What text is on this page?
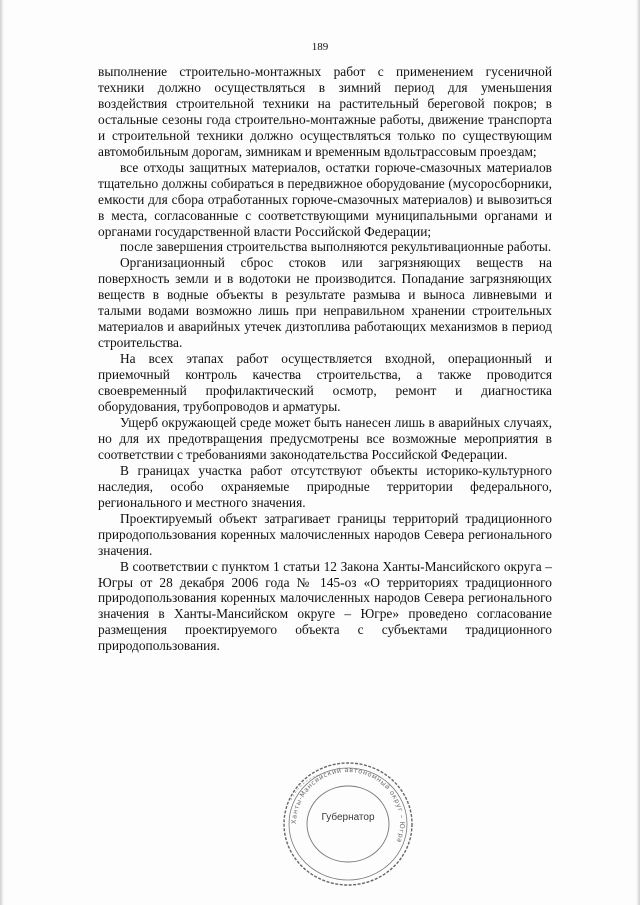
189

выполнение строительно-монтажных работ с применением гусеничной техники должно осуществляться в зимний период для уменьшения воздействия строительной техники на растительный береговой покров; в остальные сезоны года строительно-монтажные работы, движение транспорта и строительной техники должно осуществляться только по существующим автомобильным дорогам, зимникам и временным вдольтрассовым проездам;

все отходы защитных материалов, остатки горюче-смазочных материалов тщательно должны собираться в передвижное оборудование (мусоросборники, емкости для сбора отработанных горюче-смазочных материалов) и вывозиться в места, согласованные с соответствующими муниципальными органами и органами государственной власти Российской Федерации;

после завершения строительства выполняются рекультивационные работы.

Организационный сброс стоков или загрязняющих веществ на поверхность земли и в водотоки не производится. Попадание загрязняющих веществ в водные объекты в результате размыва и выноса ливневыми и талыми водами возможно лишь при неправильном хранении строительных материалов и аварийных утечек дизтоплива работающих механизмов в период строительства.

На всех этапах работ осуществляется входной, операционный и приемочный контроль качества строительства, а также проводится своевременный профилактический осмотр, ремонт и диагностика оборудования, трубопроводов и арматуры.

Ущерб окружающей среде может быть нанесен лишь в аварийных случаях, но для их предотвращения предусмотрены все возможные мероприятия в соответствии с требованиями законодательства Российской Федерации.

В границах участка работ отсутствуют объекты историко-культурного наследия, особо охраняемые природные территории федерального, регионального и местного значения.

Проектируемый объект затрагивает границы территорий традиционного природопользования коренных малочисленных народов Севера регионального значения.

В соответствии с пунктом 1 статьи 12 Закона Ханты-Мансийского округа – Югры от 28 декабря 2006 года № 145-оз «О территориях традиционного природопользования коренных малочисленных народов Севера регионального значения в Ханты-Мансийском округе – Югре» проведено согласование размещения проектируемого объекта с субъектами традиционного природопользования.

Ханты-Мансийский автономный округ – Югра
Губернатор
